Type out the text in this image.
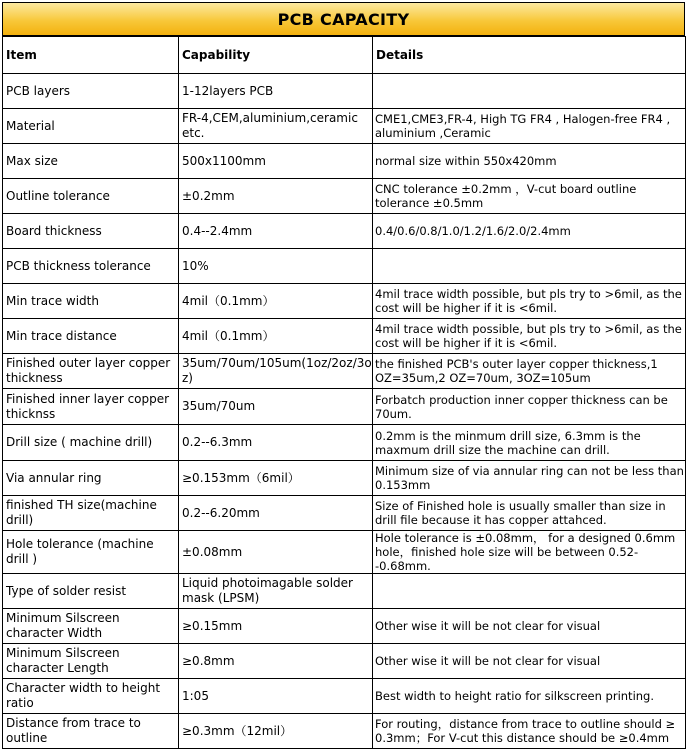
PCB CAPACITY
Item	Capability	Details
PCB layers	1-12layers PCB	
Material	FR-4,CEM,aluminium,ceramic etc.	CME1,CME3,FR-4, High TG FR4 , Halogen-free FR4 , aluminium ,Ceramic
Max size	500x1100mm	normal size within 550x420mm
Outline tolerance	±0.2mm	CNC tolerance ±0.2mm ，V-cut board outline tolerance ±0.5mm
Board thickness	0.4--2.4mm	0.4/0.6/0.8/1.0/1.2/1.6/2.0/2.4mm
PCB thickness tolerance	10%	
Min trace width	4mil（0.1mm）	4mil trace width possible, but pls try to >6mil, as the cost will be higher if it is <6mil.
Min trace distance	4mil（0.1mm）	4mil trace width possible, but pls try to >6mil, as the cost will be higher if it is <6mil.
Finished outer layer copper thickness	35um/70um/105um(1oz/2oz/3oz)	the finished PCB's outer layer copper thickness,1 OZ=35um,2 OZ=70um, 3OZ=105um
Finished inner layer copper thicknss	35um/70um	Forbatch production inner copper thickness can be 70um.
Drill size ( machine drill)	0.2--6.3mm	0.2mm is the minmum drill size, 6.3mm is the maxmum drill size the machine can drill.
Via annular ring	≥0.153mm（6mil）	Minimum size of via annular ring can not be less than 0.153mm
finished TH size(machine drill)	0.2--6.20mm	Size of Finished hole is usually smaller than size in drill file because it has copper attahced.
Hole tolerance (machine drill )	±0.08mm	Hole tolerance is ±0.08mm， for a designed 0.6mm hole，finished hole size will be between 0.52--0.68mm.
Type of solder resist	Liquid photoimagable solder mask (LPSM)	
Minimum Silscreen character Width	≥0.15mm	Other wise it will be not clear for visual
Minimum Silscreen character Length	≥0.8mm	Other wise it will be not clear for visual
Character width to height ratio	1:05	Best width to height ratio for silkscreen printing.
Distance from trace to outline	≥0.3mm（12mil）	For routing，distance from trace to outline should ≥ 0.3mm；For V-cut this distance should be ≥0.4mm
